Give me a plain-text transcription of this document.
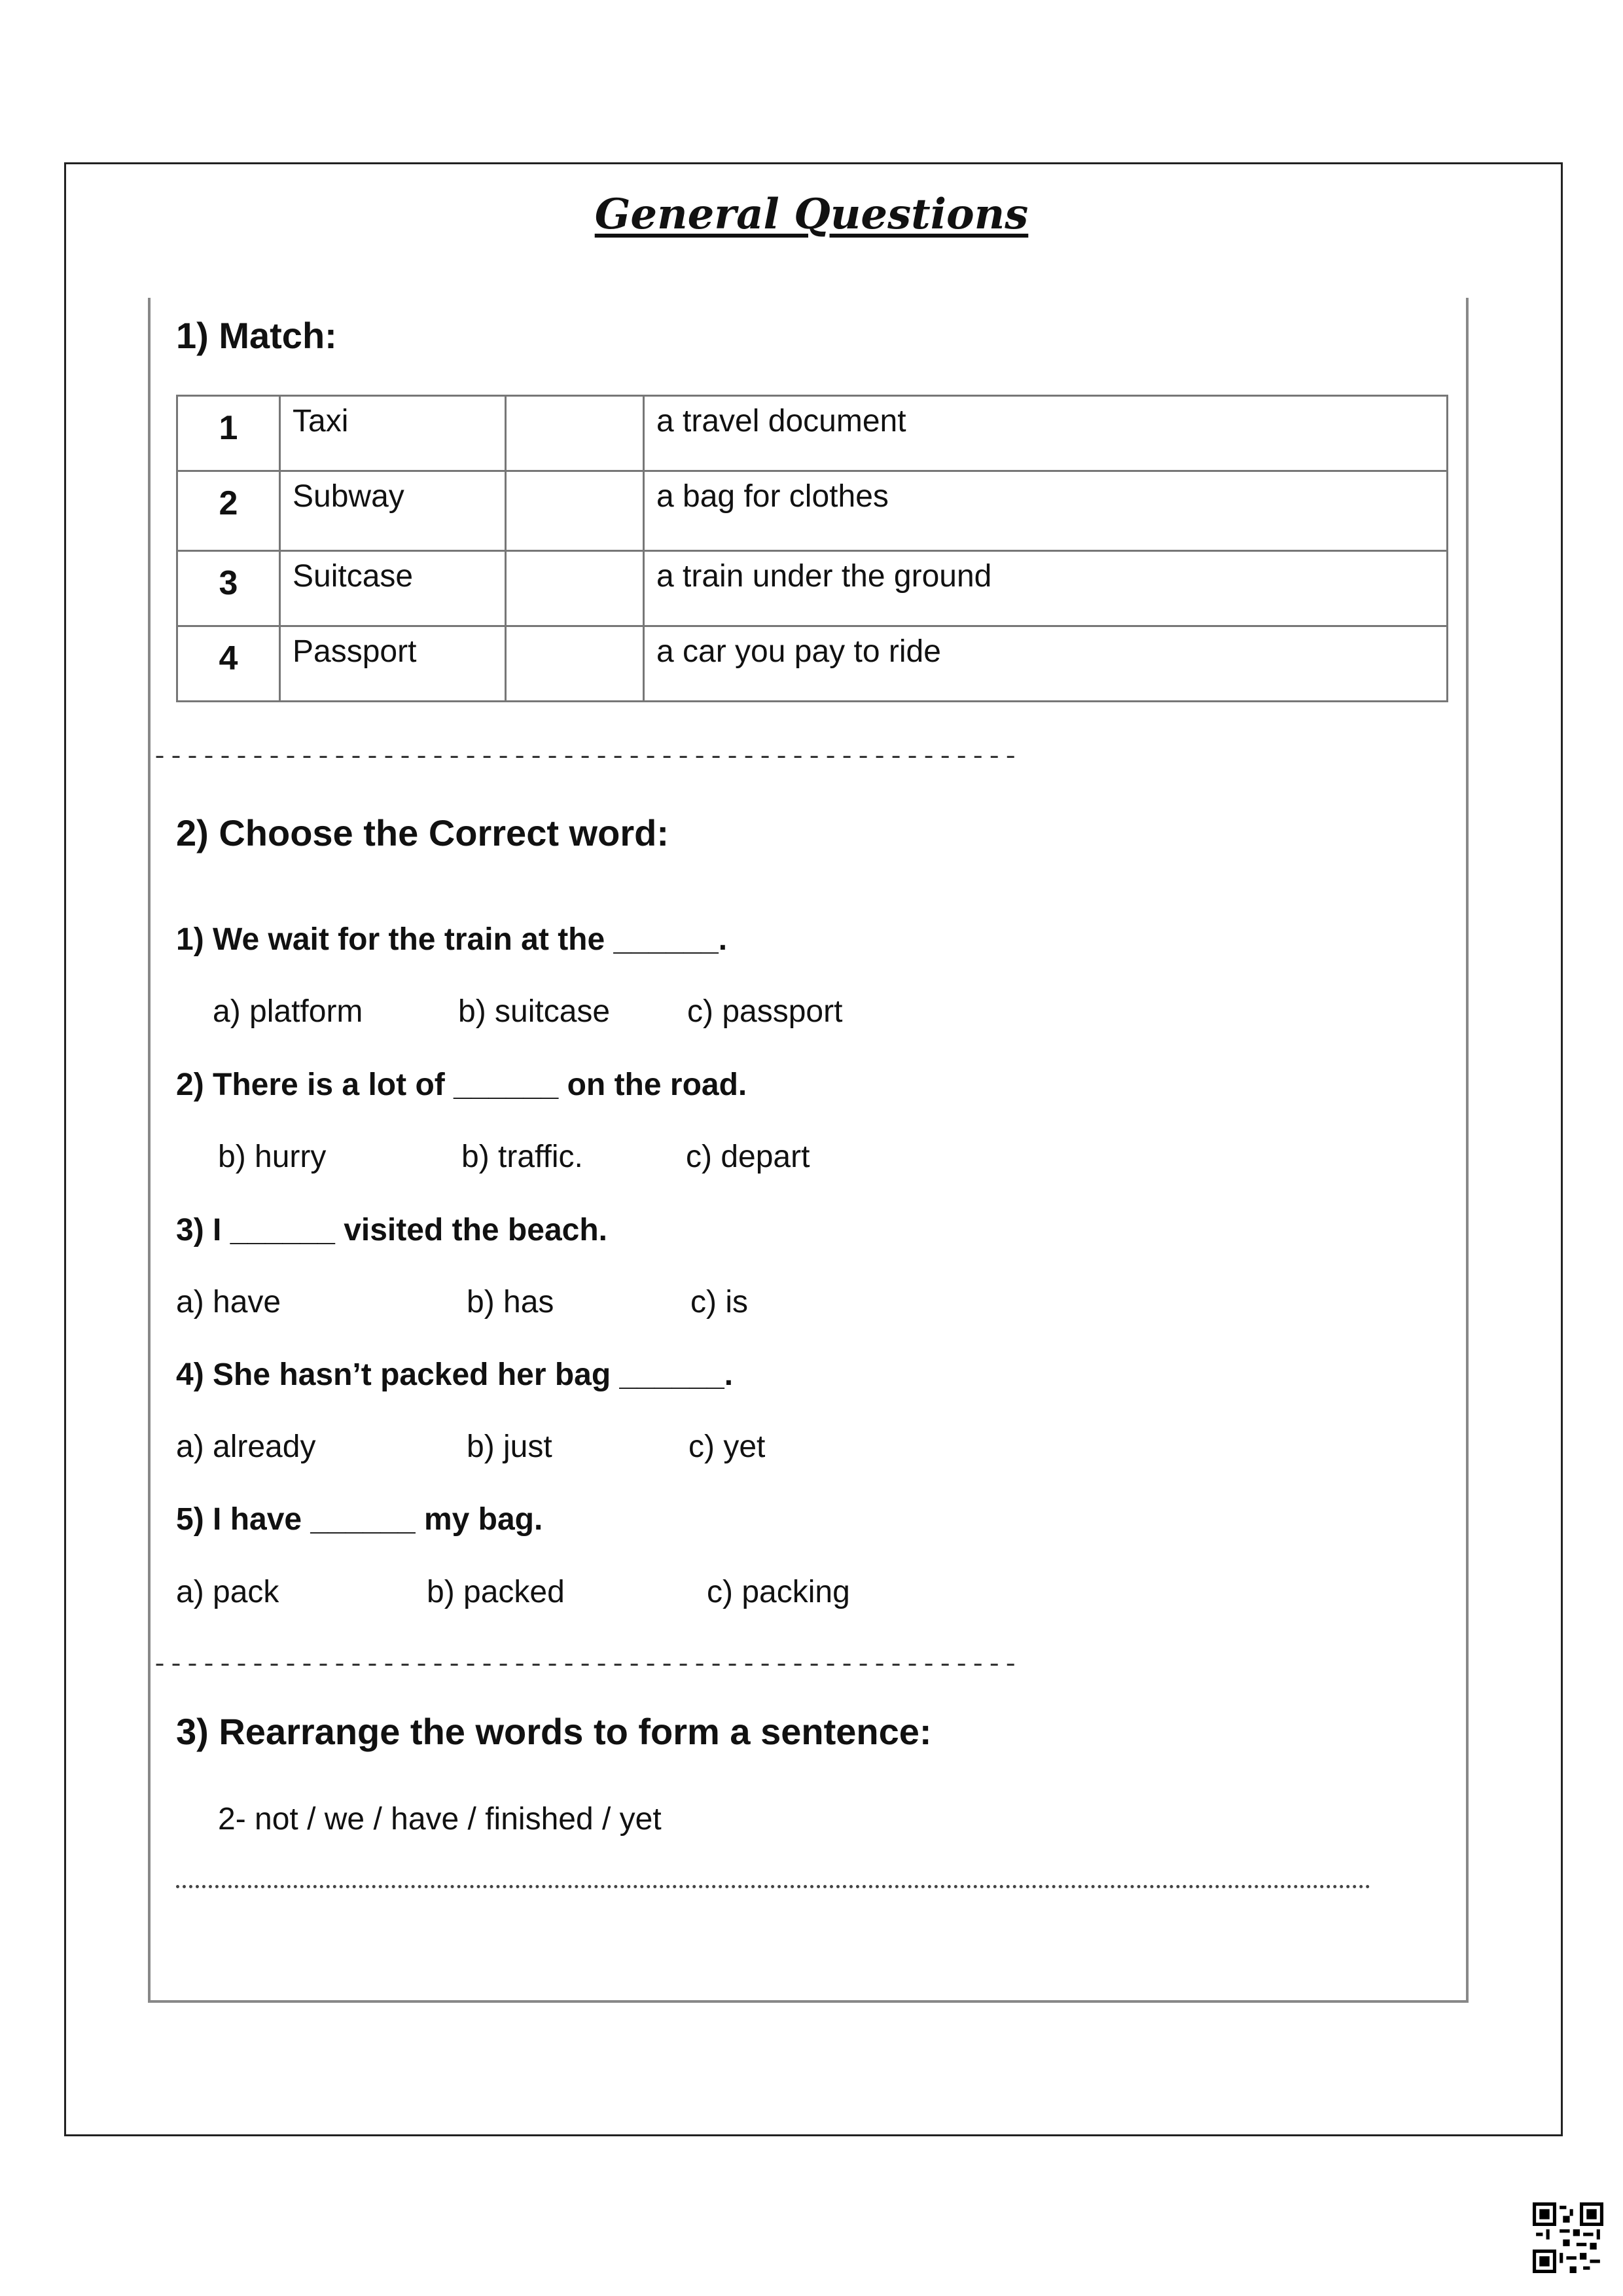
General Questions
1) Match:
1	Taxi		a travel document
2	Subway		a bag for clothes
3	Suitcase		a train under the ground
4	Passport		a car you pay to ride
-----------------------------------------------------
2) Choose the Correct word:
1) We wait for the train at the ______.
a) platform	b) suitcase c) passport
2) There is a lot of ______ on the road.
b) hurry	b) traffic.	c) depart
3) I ______ visited the beach.
a) have	b) has	c) is
4) She hasn’t packed her bag ______.
a) already	b) just	c) yet
5) I have ______ my bag.
a) pack	b) packed	c) packing
-----------------------------------------------------
3) Rearrange the words to form a sentence:
2- not / we / have / finished / yet
